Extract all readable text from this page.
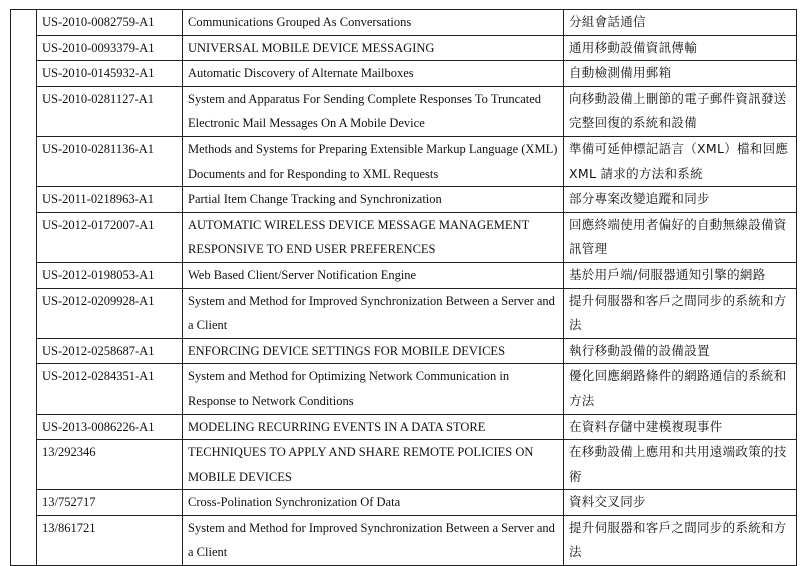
	US-2010-0082759-A1	Communications Grouped As Conversations	分組會話通信
	US-2010-0093379-A1	UNIVERSAL MOBILE DEVICE MESSAGING	通用移動設備資訊傳輸
	US-2010-0145932-A1	Automatic Discovery of Alternate Mailboxes	自動檢測備用郵箱
	US-2010-0281127-A1	System and Apparatus For Sending Complete Responses To Truncated Electronic Mail Messages On A Mobile Device	向移動設備上刪節的電子郵件資訊發送完整回復的系統和設備
	US-2010-0281136-A1	Methods and Systems for Preparing Extensible Markup Language (XML) Documents and for Responding to XML Requests	準備可延伸標記語言（XML）檔和回應 XML 請求的方法和系統
	US-2011-0218963-A1	Partial Item Change Tracking and Synchronization	部分專案改變追蹤和同步
	US-2012-0172007-A1	AUTOMATIC WIRELESS DEVICE MESSAGE MANAGEMENT RESPONSIVE TO END USER PREFERENCES	回應終端使用者偏好的自動無線設備資訊管理
	US-2012-0198053-A1	Web Based Client/Server Notification Engine	基於用戶端/伺服器通知引擎的網路
	US-2012-0209928-A1	System and Method for Improved Synchronization Between a Server and a Client	提升伺服器和客戶之間同步的系統和方法
	US-2012-0258687-A1	ENFORCING DEVICE SETTINGS FOR MOBILE DEVICES	執行移動設備的設備設置
	US-2012-0284351-A1	System and Method for Optimizing Network Communication in Response to Network Conditions	優化回應網路條件的網路通信的系統和方法
	US-2013-0086226-A1	MODELING RECURRING EVENTS IN A DATA STORE	在資料存儲中建模複現事件
	13/292346	TECHNIQUES TO APPLY AND SHARE REMOTE POLICIES ON MOBILE DEVICES	在移動設備上應用和共用遠端政策的技術
	13/752717	Cross-Polination Synchronization Of Data	資料交叉同步
	13/861721	System and Method for Improved Synchronization Between a Server and a Client	提升伺服器和客戶之間同步的系統和方法
